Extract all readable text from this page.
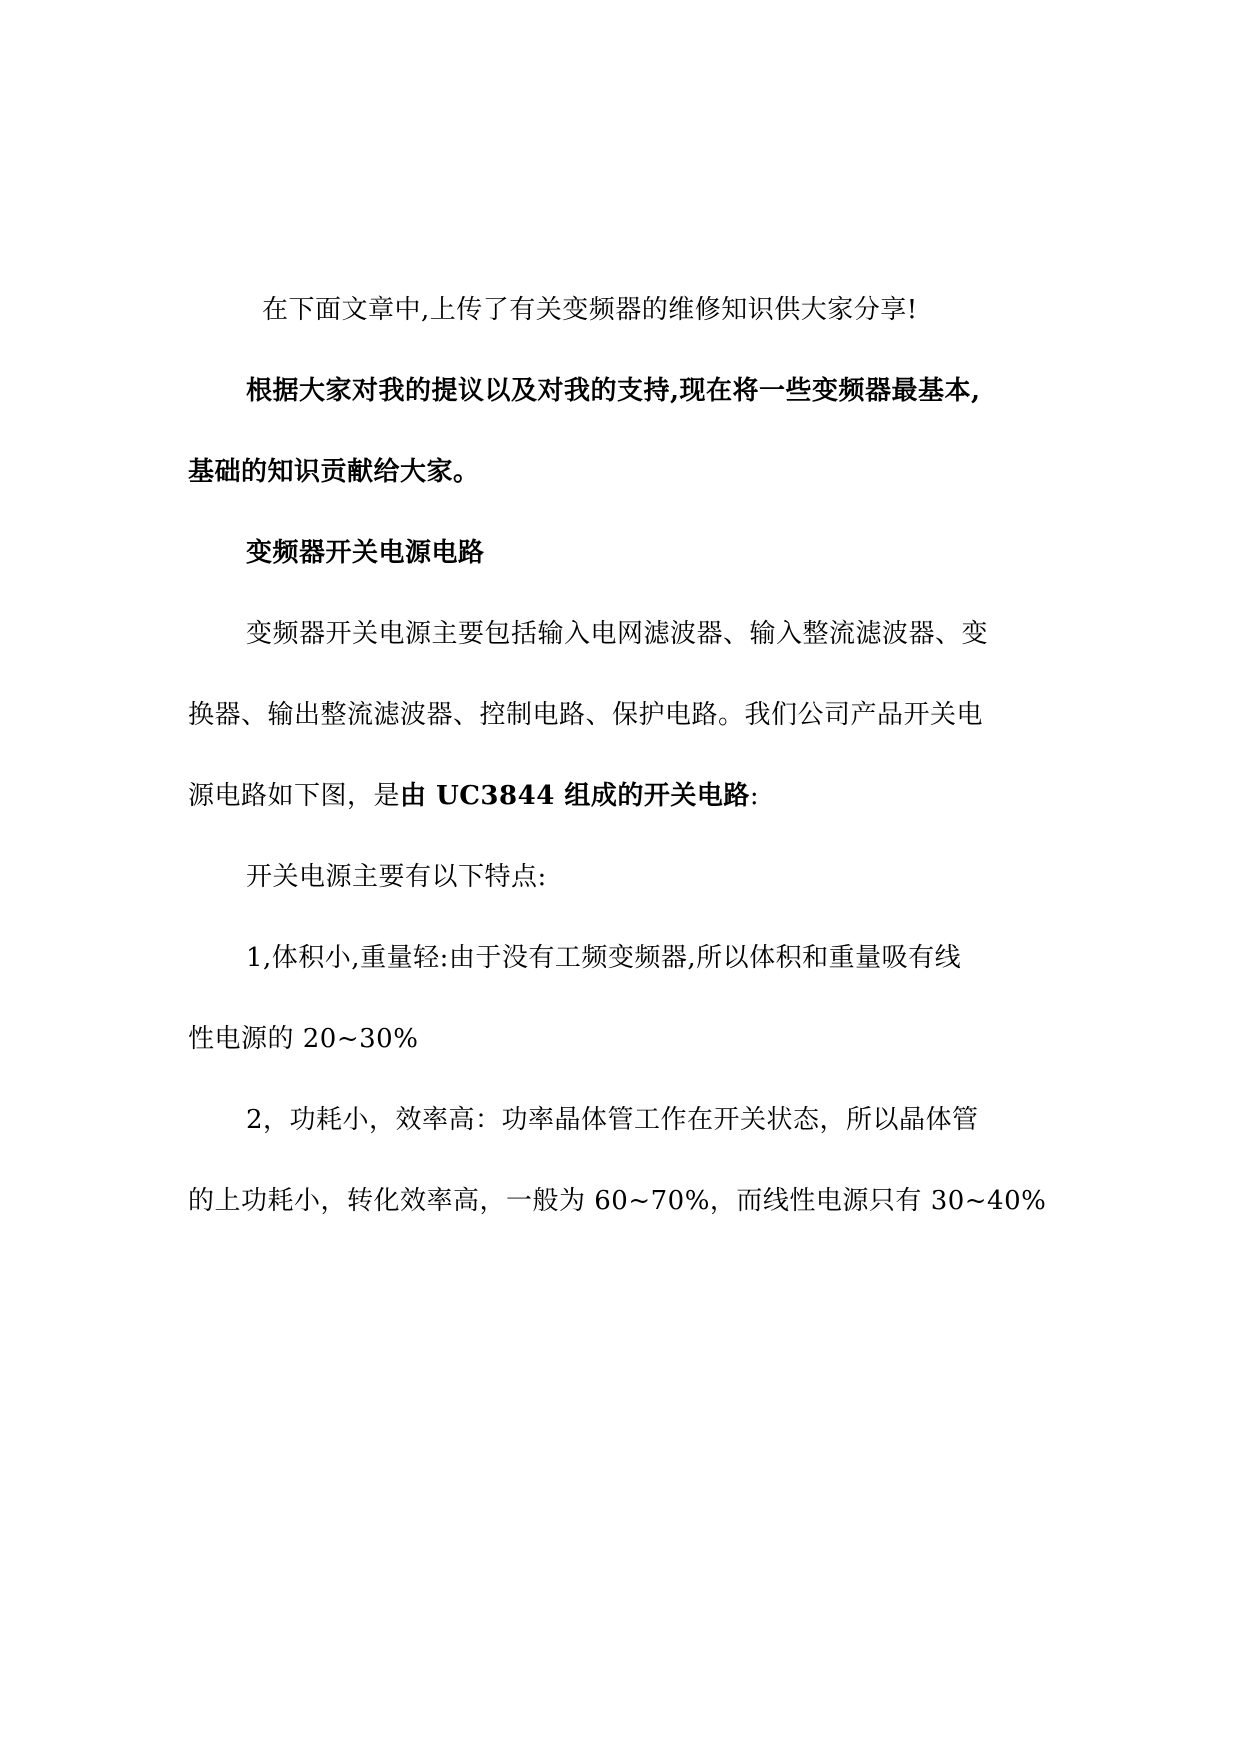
在下面文章中,上传了有关变频器的维修知识供大家分享!

根据大家对我的提议以及对我的支持,现在将一些变频器最基本,

基础的知识贡献给大家。

变频器开关电源电路

变频器开关电源主要包括输入电网滤波器、输入整流滤波器、变

换器、输出整流滤波器、控制电路、保护电路。我们公司产品开关电

源电路如下图，是由 UC3844 组成的开关电路:

开关电源主要有以下特点:

1,体积小,重量轻:由于没有工频变频器,所以体积和重量吸有线

性电源的 20~30%

2，功耗小，效率高：功率晶体管工作在开关状态，所以晶体管

的上功耗小，转化效率高，一般为 60~70%，而线性电源只有 30~40%
